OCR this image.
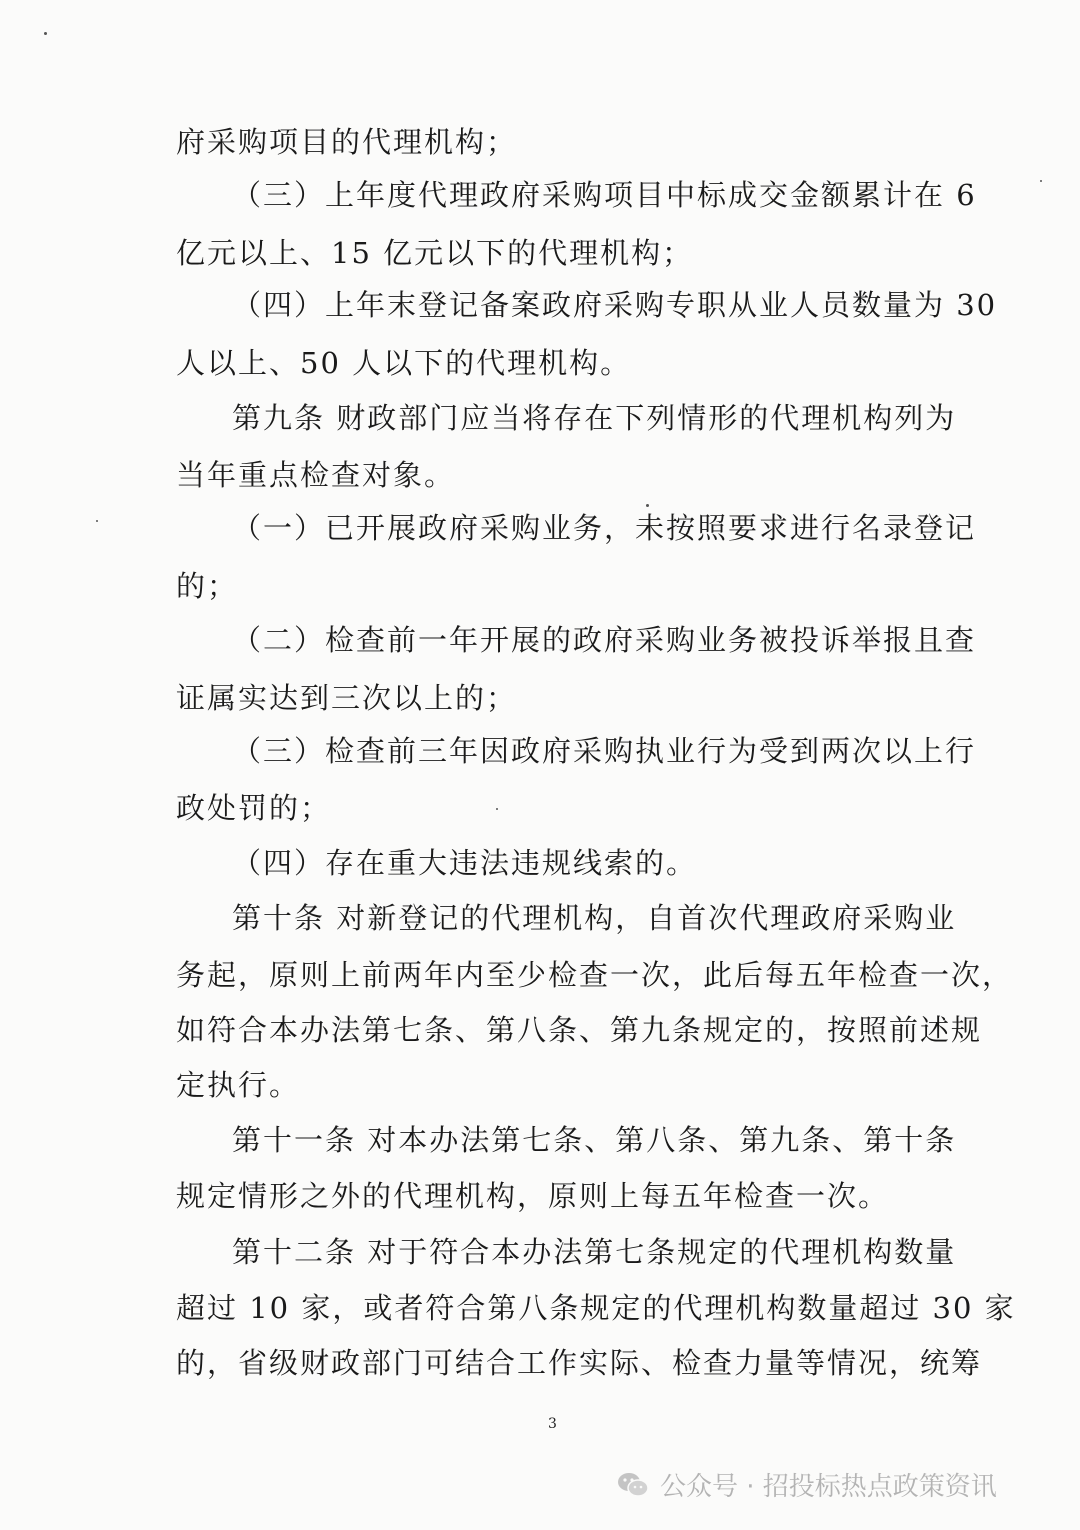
府采购项目的代理机构；
（三）上年度代理政府采购项目中标成交金额累计在 6
亿元以上、15 亿元以下的代理机构；
（四）上年末登记备案政府采购专职从业人员数量为 30
人以上、50 人以下的代理机构。
第九条 财政部门应当将存在下列情形的代理机构列为
当年重点检查对象。
（一）已开展政府采购业务，未按照要求进行名录登记
的；
（二）检查前一年开展的政府采购业务被投诉举报且查
证属实达到三次以上的；
（三）检查前三年因政府采购执业行为受到两次以上行
政处罚的；
（四）存在重大违法违规线索的。
第十条 对新登记的代理机构，自首次代理政府采购业
务起，原则上前两年内至少检查一次，此后每五年检查一次，
如符合本办法第七条、第八条、第九条规定的，按照前述规
定执行。
第十一条 对本办法第七条、第八条、第九条、第十条
规定情形之外的代理机构，原则上每五年检查一次。
第十二条 对于符合本办法第七条规定的代理机构数量
超过 10 家，或者符合第八条规定的代理机构数量超过 30 家
的，省级财政部门可结合工作实际、检查力量等情况，统筹
3
公众号 · 招投标热点政策资讯
